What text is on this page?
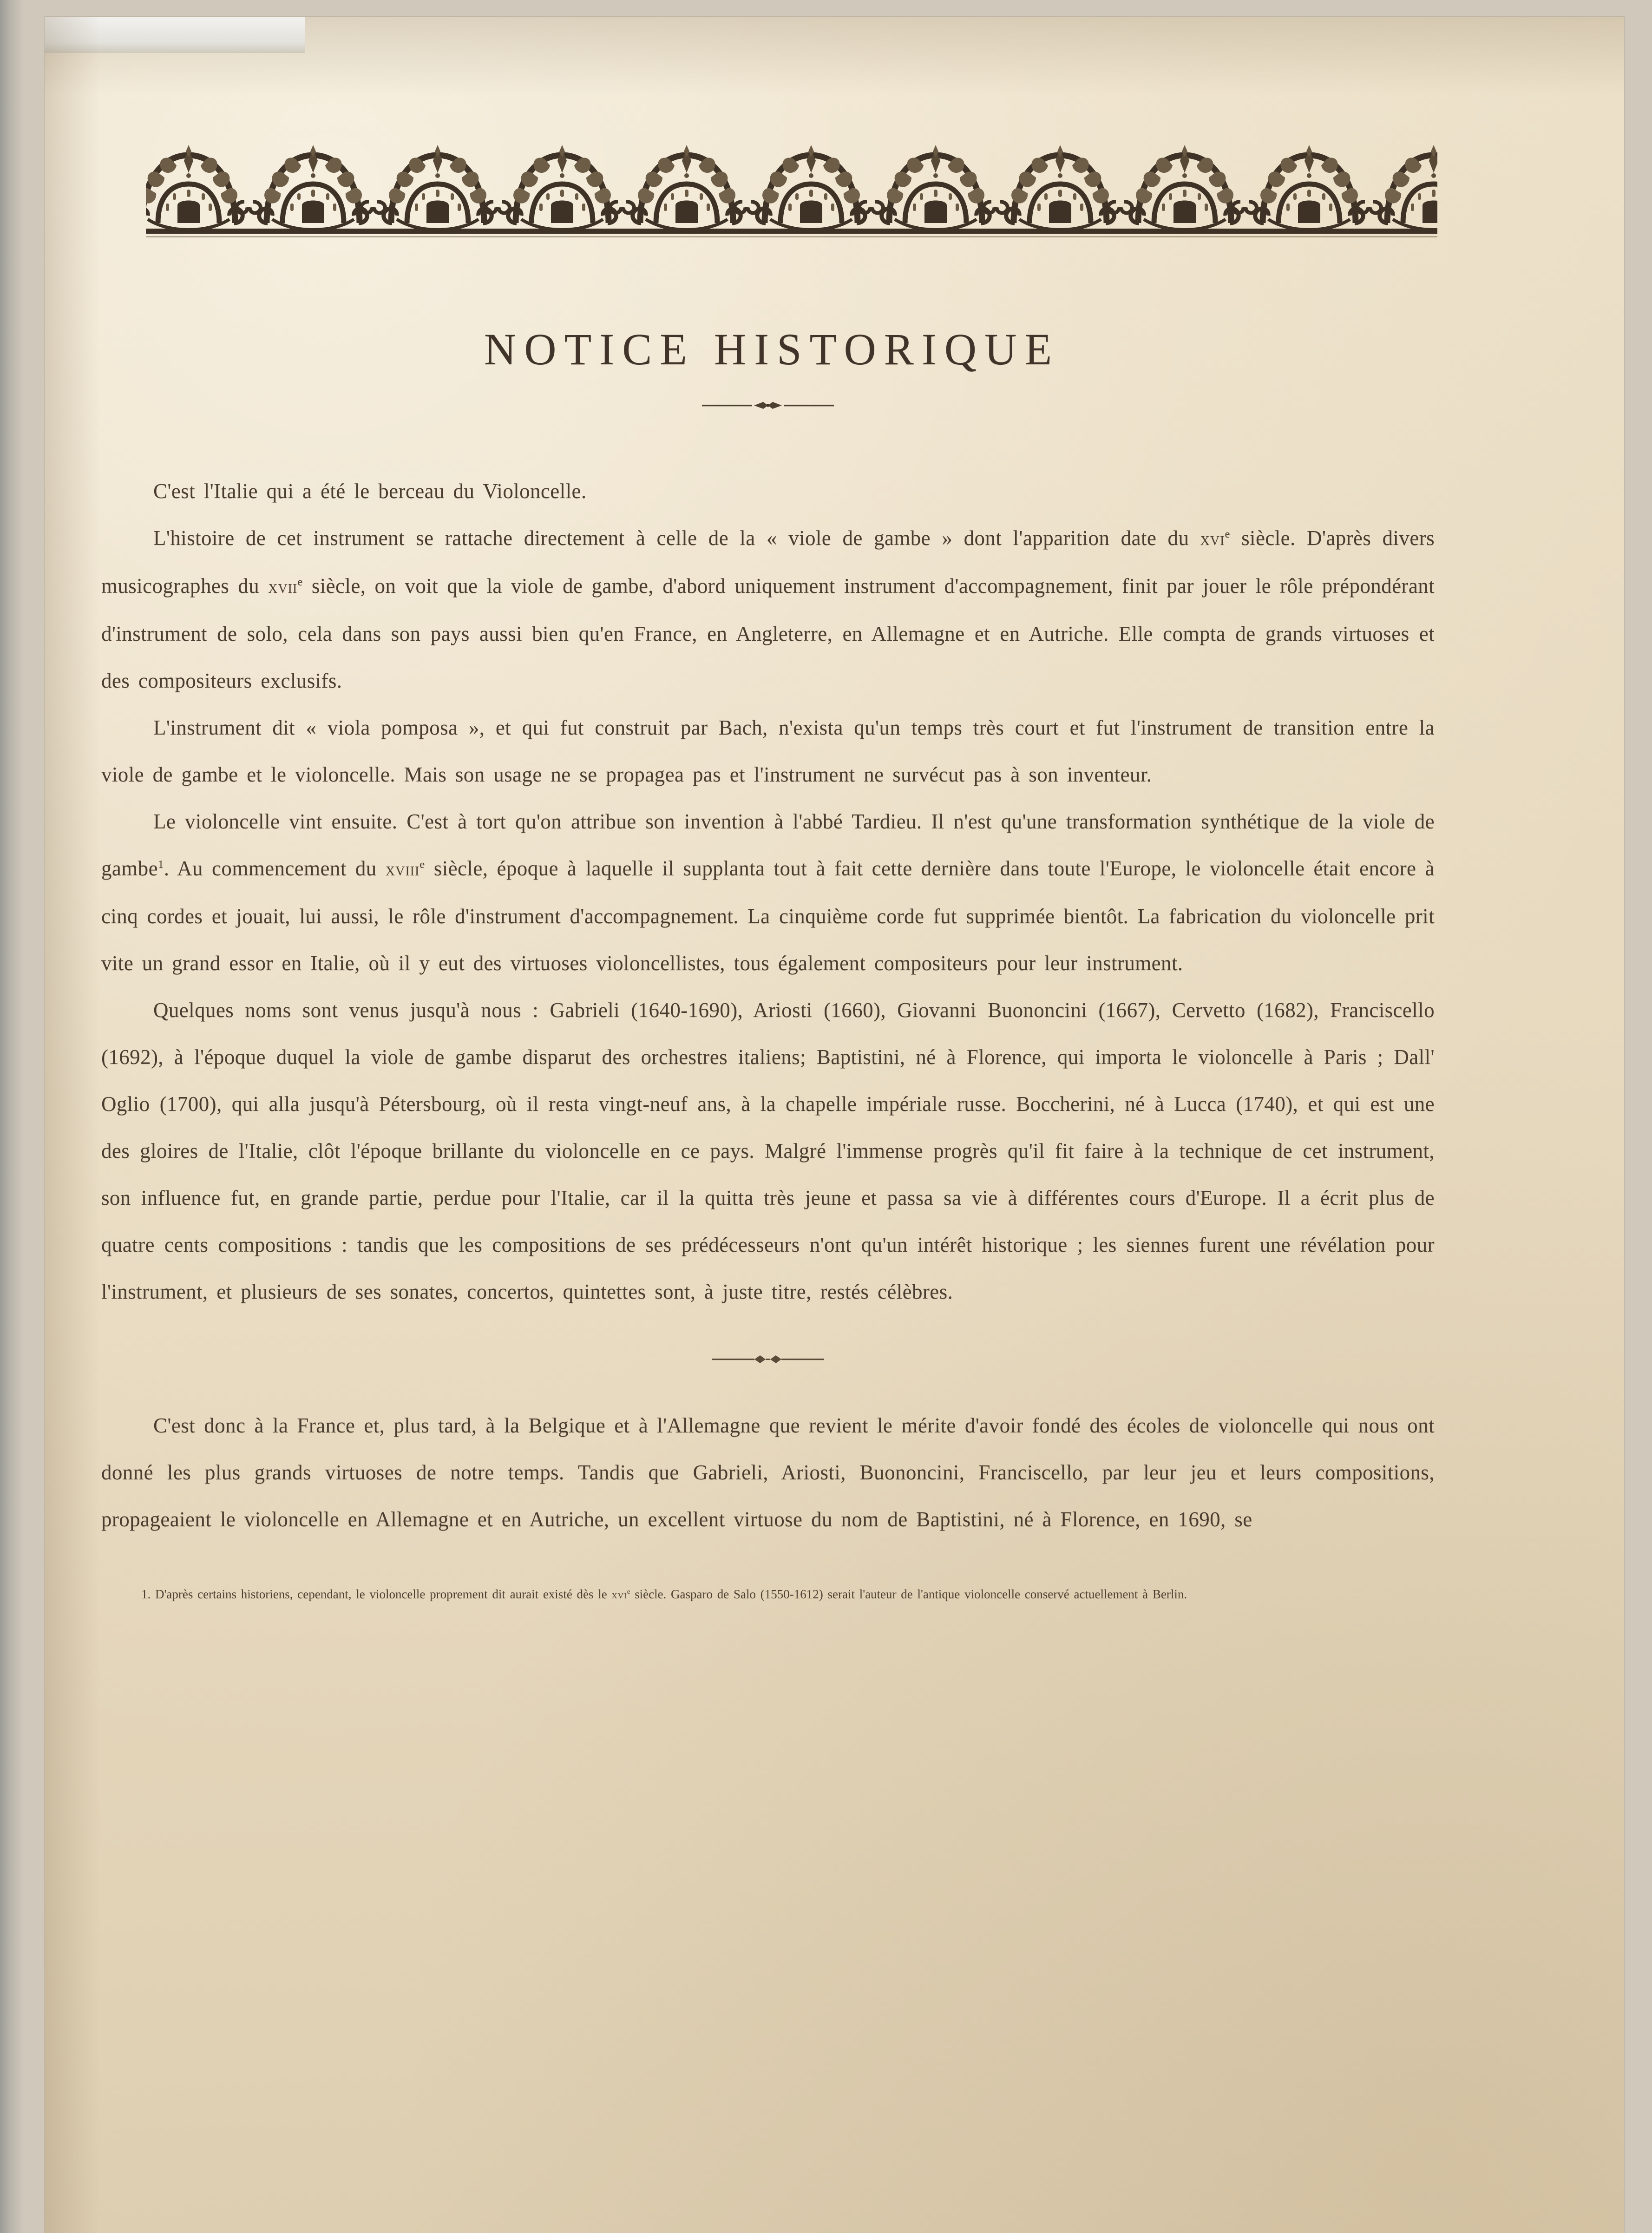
NOTICE HISTORIQUE

C'est l'Italie qui a été le berceau du Violoncelle.

L'histoire de cet instrument se rattache directement à celle de la « viole de gambe » dont l'apparition date du xvi$^e$ siècle. D'après divers musicographes du xvii$^e$ siècle, on voit que la viole de gambe, d'abord uniquement instrument d'accompagnement, finit par jouer le rôle prépondérant d'instrument de solo, cela dans son pays aussi bien qu'en France, en Angleterre, en Allemagne et en Autriche. Elle compta de grands virtuoses et des compositeurs exclusifs.

L'instrument dit « viola pomposa », et qui fut construit par Bach, n'exista qu'un temps très court et fut l'instrument de transition entre la viole de gambe et le violoncelle. Mais son usage ne se propagea pas et l'instrument ne survécut pas à son inventeur.

Le violoncelle vint ensuite. C'est à tort qu'on attribue son invention à l'abbé Tardieu. Il n'est qu'une transformation synthétique de la viole de gambe$^1$. Au commencement du xviii$^e$ siècle, époque à laquelle il supplanta tout à fait cette dernière dans toute l'Europe, le violoncelle était encore à cinq cordes et jouait, lui aussi, le rôle d'instrument d'accompagnement. La cinquième corde fut supprimée bientôt. La fabrication du violoncelle prit vite un grand essor en Italie, où il y eut des virtuoses violoncellistes, tous également compositeurs pour leur instrument.

Quelques noms sont venus jusqu'à nous : Gabrieli (1640-1690), Ariosti (1660), Giovanni Buononcini (1667), Cervetto (1682), Franciscello (1692), à l'époque duquel la viole de gambe disparut des orchestres italiens; Baptistini, né à Florence, qui importa le violoncelle à Paris ; Dall' Oglio (1700), qui alla jusqu'à Pétersbourg, où il resta vingt-neuf ans, à la chapelle impériale russe. Boccherini, né à Lucca (1740), et qui est une des gloires de l'Italie, clôt l'époque brillante du violoncelle en ce pays. Malgré l'immense progrès qu'il fit faire à la technique de cet instrument, son influence fut, en grande partie, perdue pour l'Italie, car il la quitta très jeune et passa sa vie à différentes cours d'Europe. Il a écrit plus de quatre cents compositions : tandis que les compositions de ses prédécesseurs n'ont qu'un intérêt historique ; les siennes furent une révélation pour l'instrument, et plusieurs de ses sonates, concertos, quintettes sont, à juste titre, restés célèbres.

C'est donc à la France et, plus tard, à la Belgique et à l'Allemagne que revient le mérite d'avoir fondé des écoles de violoncelle qui nous ont donné les plus grands virtuoses de notre temps. Tandis que Gabrieli, Ariosti, Buononcini, Franciscello, par leur jeu et leurs compositions, propageaient le violoncelle en Allemagne et en Autriche, un excellent virtuose du nom de Baptistini, né à Florence, en 1690, se

1. D'après certains historiens, cependant, le violoncelle proprement dit aurait existé dès le xvi$^e$ siècle. Gasparo de Salo (1550-1612) serait l'auteur de l'antique violoncelle conservé actuellement à Berlin.
